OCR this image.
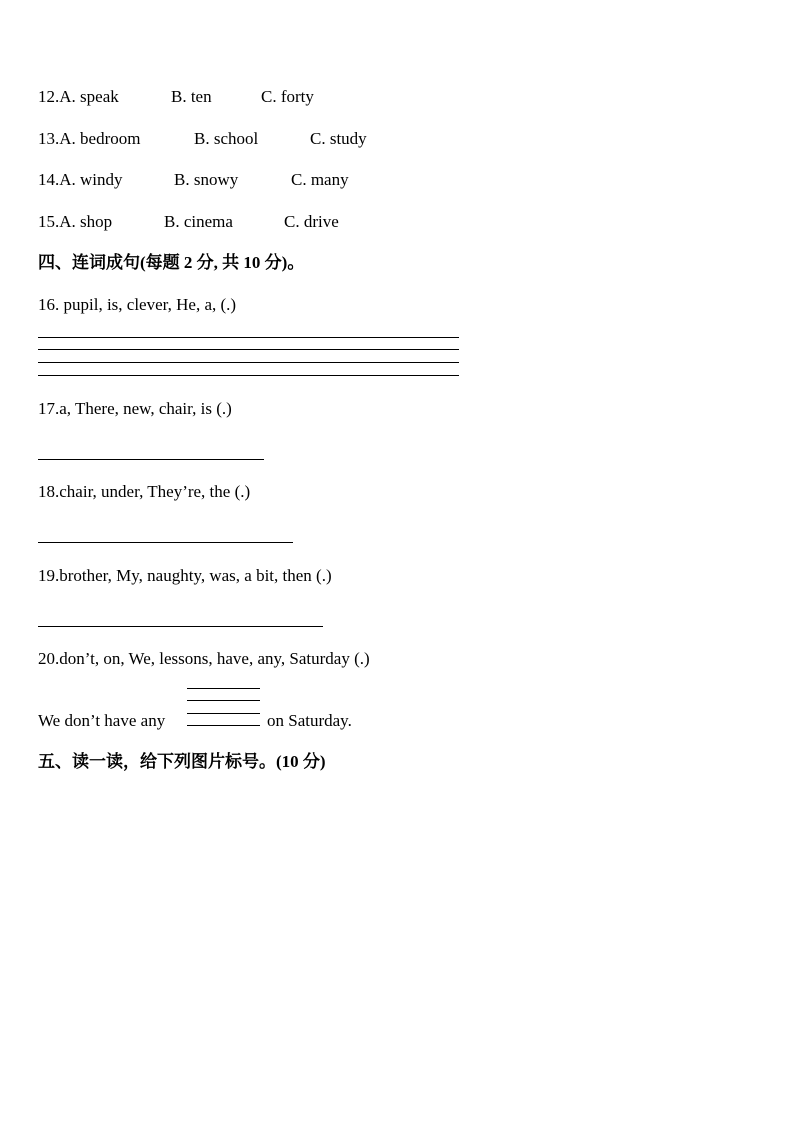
12.A. speak	B. ten	C. forty
13.A. bedroom	B. school	C. study
14.A. windy	B. snowy	C. many
15.A. shop	B. cinema	C. drive
四、连词成句(每题 2 分, 共 10 分)。
16. pupil, is, clever, He, a, (.)
17.a, There, new, chair, is (.)
18.chair, under, They’re, the (.)
19.brother, My, naughty, was, a bit, then (.)
20.don’t, on, We, lessons, have, any, Saturday (.)
We don’t have any	on Saturday.
五、读一读，给下列图片标号。(10 分)
